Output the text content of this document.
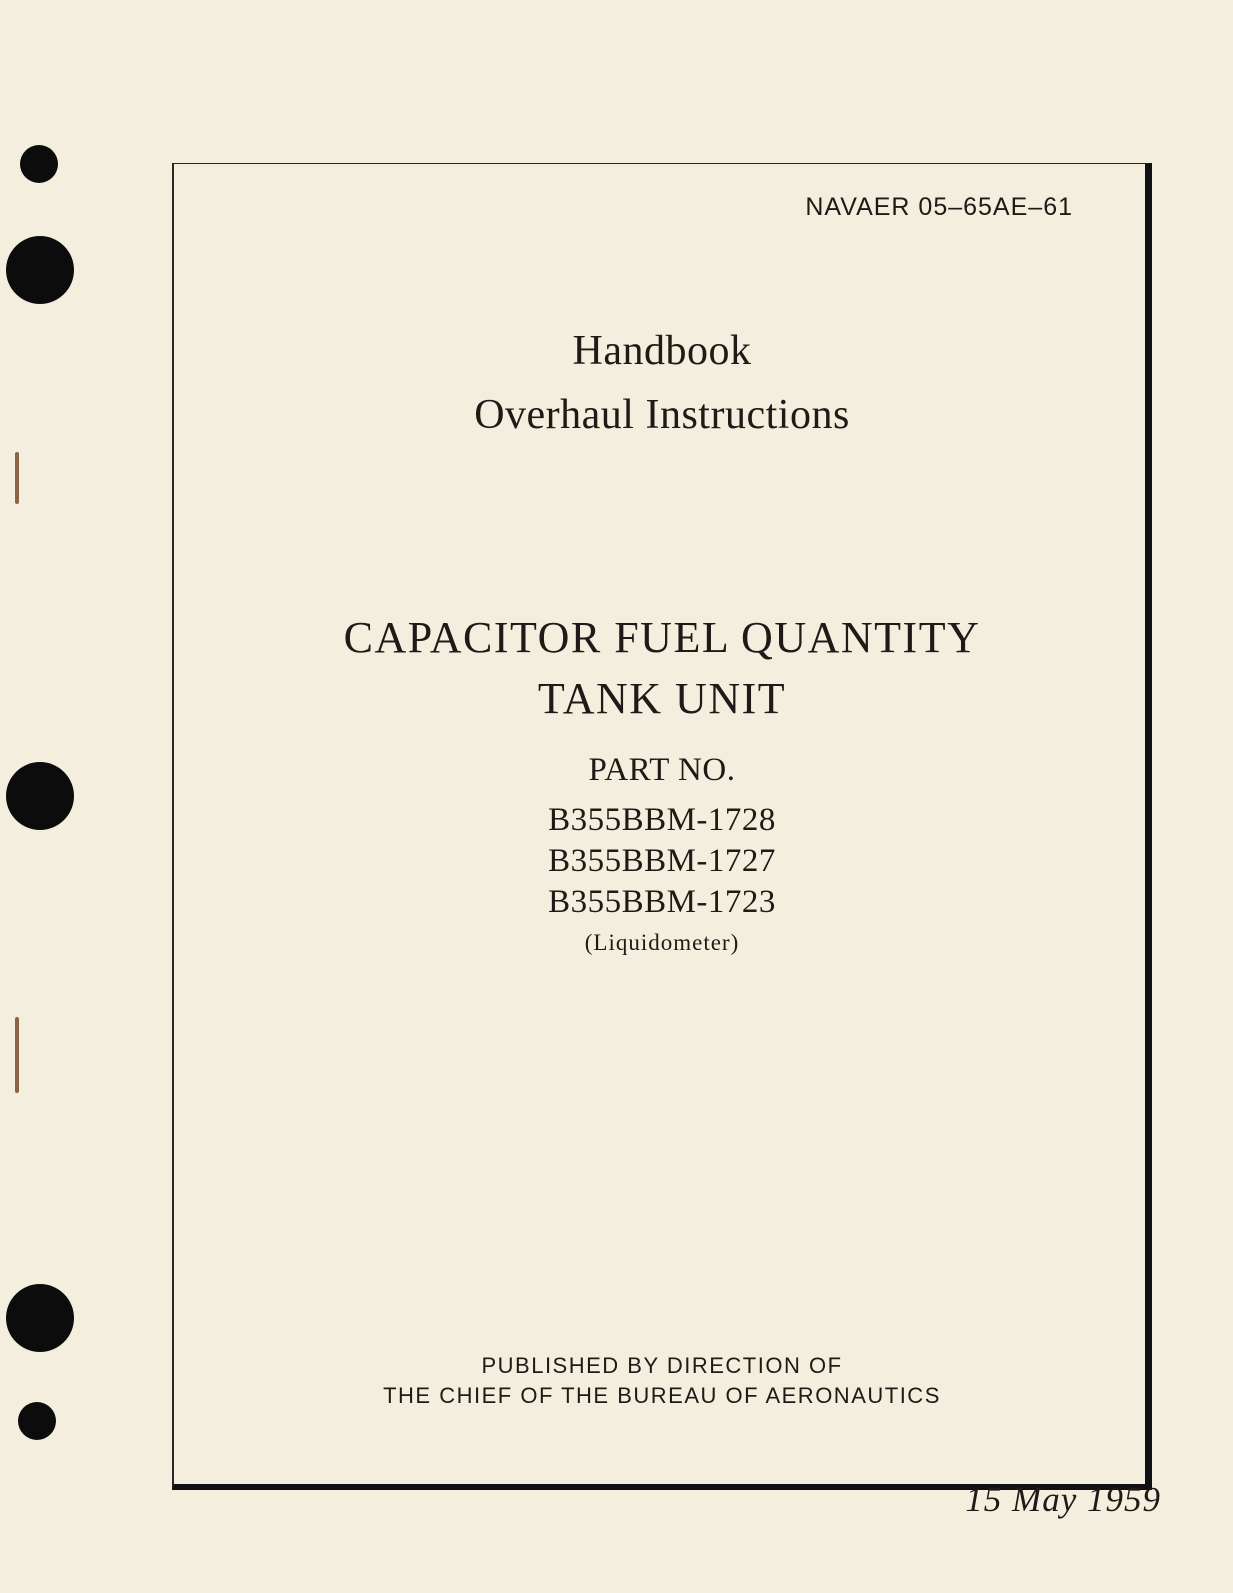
NAVAER 05–65AE–61
Handbook
Overhaul Instructions
CAPACITOR FUEL QUANTITY
TANK UNIT
PART NO.
B355BBM-1728
B355BBM-1727
B355BBM-1723
(Liquidometer)
PUBLISHED BY DIRECTION OF
THE CHIEF OF THE BUREAU OF AERONAUTICS
15 May 1959
